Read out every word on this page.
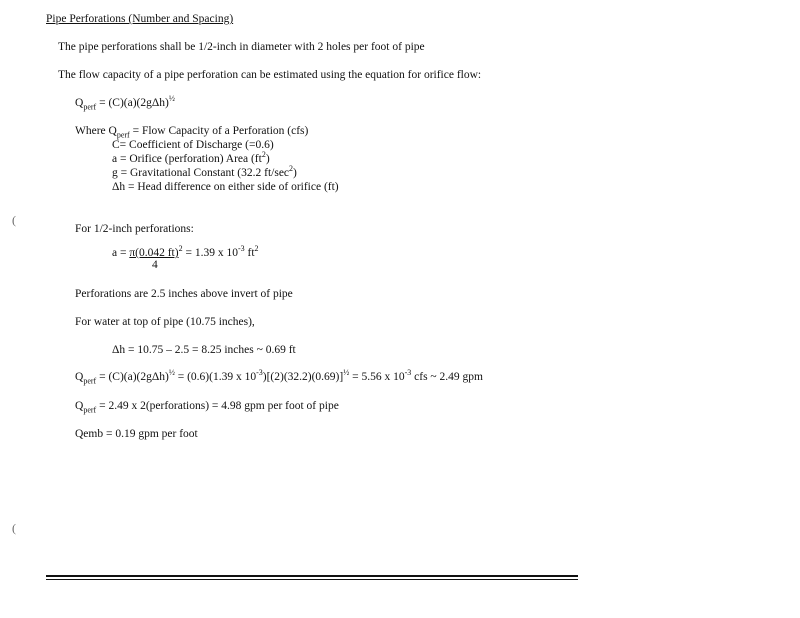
Pipe Perforations (Number and Spacing)
The pipe perforations shall be 1/2-inch in diameter with 2 holes per foot of pipe
The flow capacity of a pipe perforation can be estimated using the equation for orifice flow:
$Q_{perf} = (C)(a)(2g\Delta h)^{\frac{1}{2}}$
Where $Q_{perf}$ = Flow Capacity of a Perforation (cfs)
C= Coefficient of Discharge (=0.6)
a = Orifice (perforation) Area $(ft^2)$
g = Gravitational Constant (32.2 $ft/\sec^2$)
Δh = Head difference on either side of orifice (ft)
(
For 1/2-inch perforations:
a = π(0.042 ft)$^2$ = 1.39 x $10^{-3}$ $ft^2$
4
Perforations are 2.5 inches above invert of pipe
For water at top of pipe (10.75 inches),
Δh = 10.75 – 2.5 = 8.25 inches ~ 0.69 ft
$Q_{perf} = (C)(a)(2g\Delta h)^{\frac{1}{2}} = (0.6)(1.39$ x $10^{-3})[(2)(32.2)(0.69)]^{\frac{1}{2}} = 5.56$ x $10^{-3}$ cfs ~ 2.49 gpm
$Q_{perf} = 2.49$ x 2(perforations) = 4.98 gpm per foot of pipe
Qemb = 0.19 gpm per foot
(
